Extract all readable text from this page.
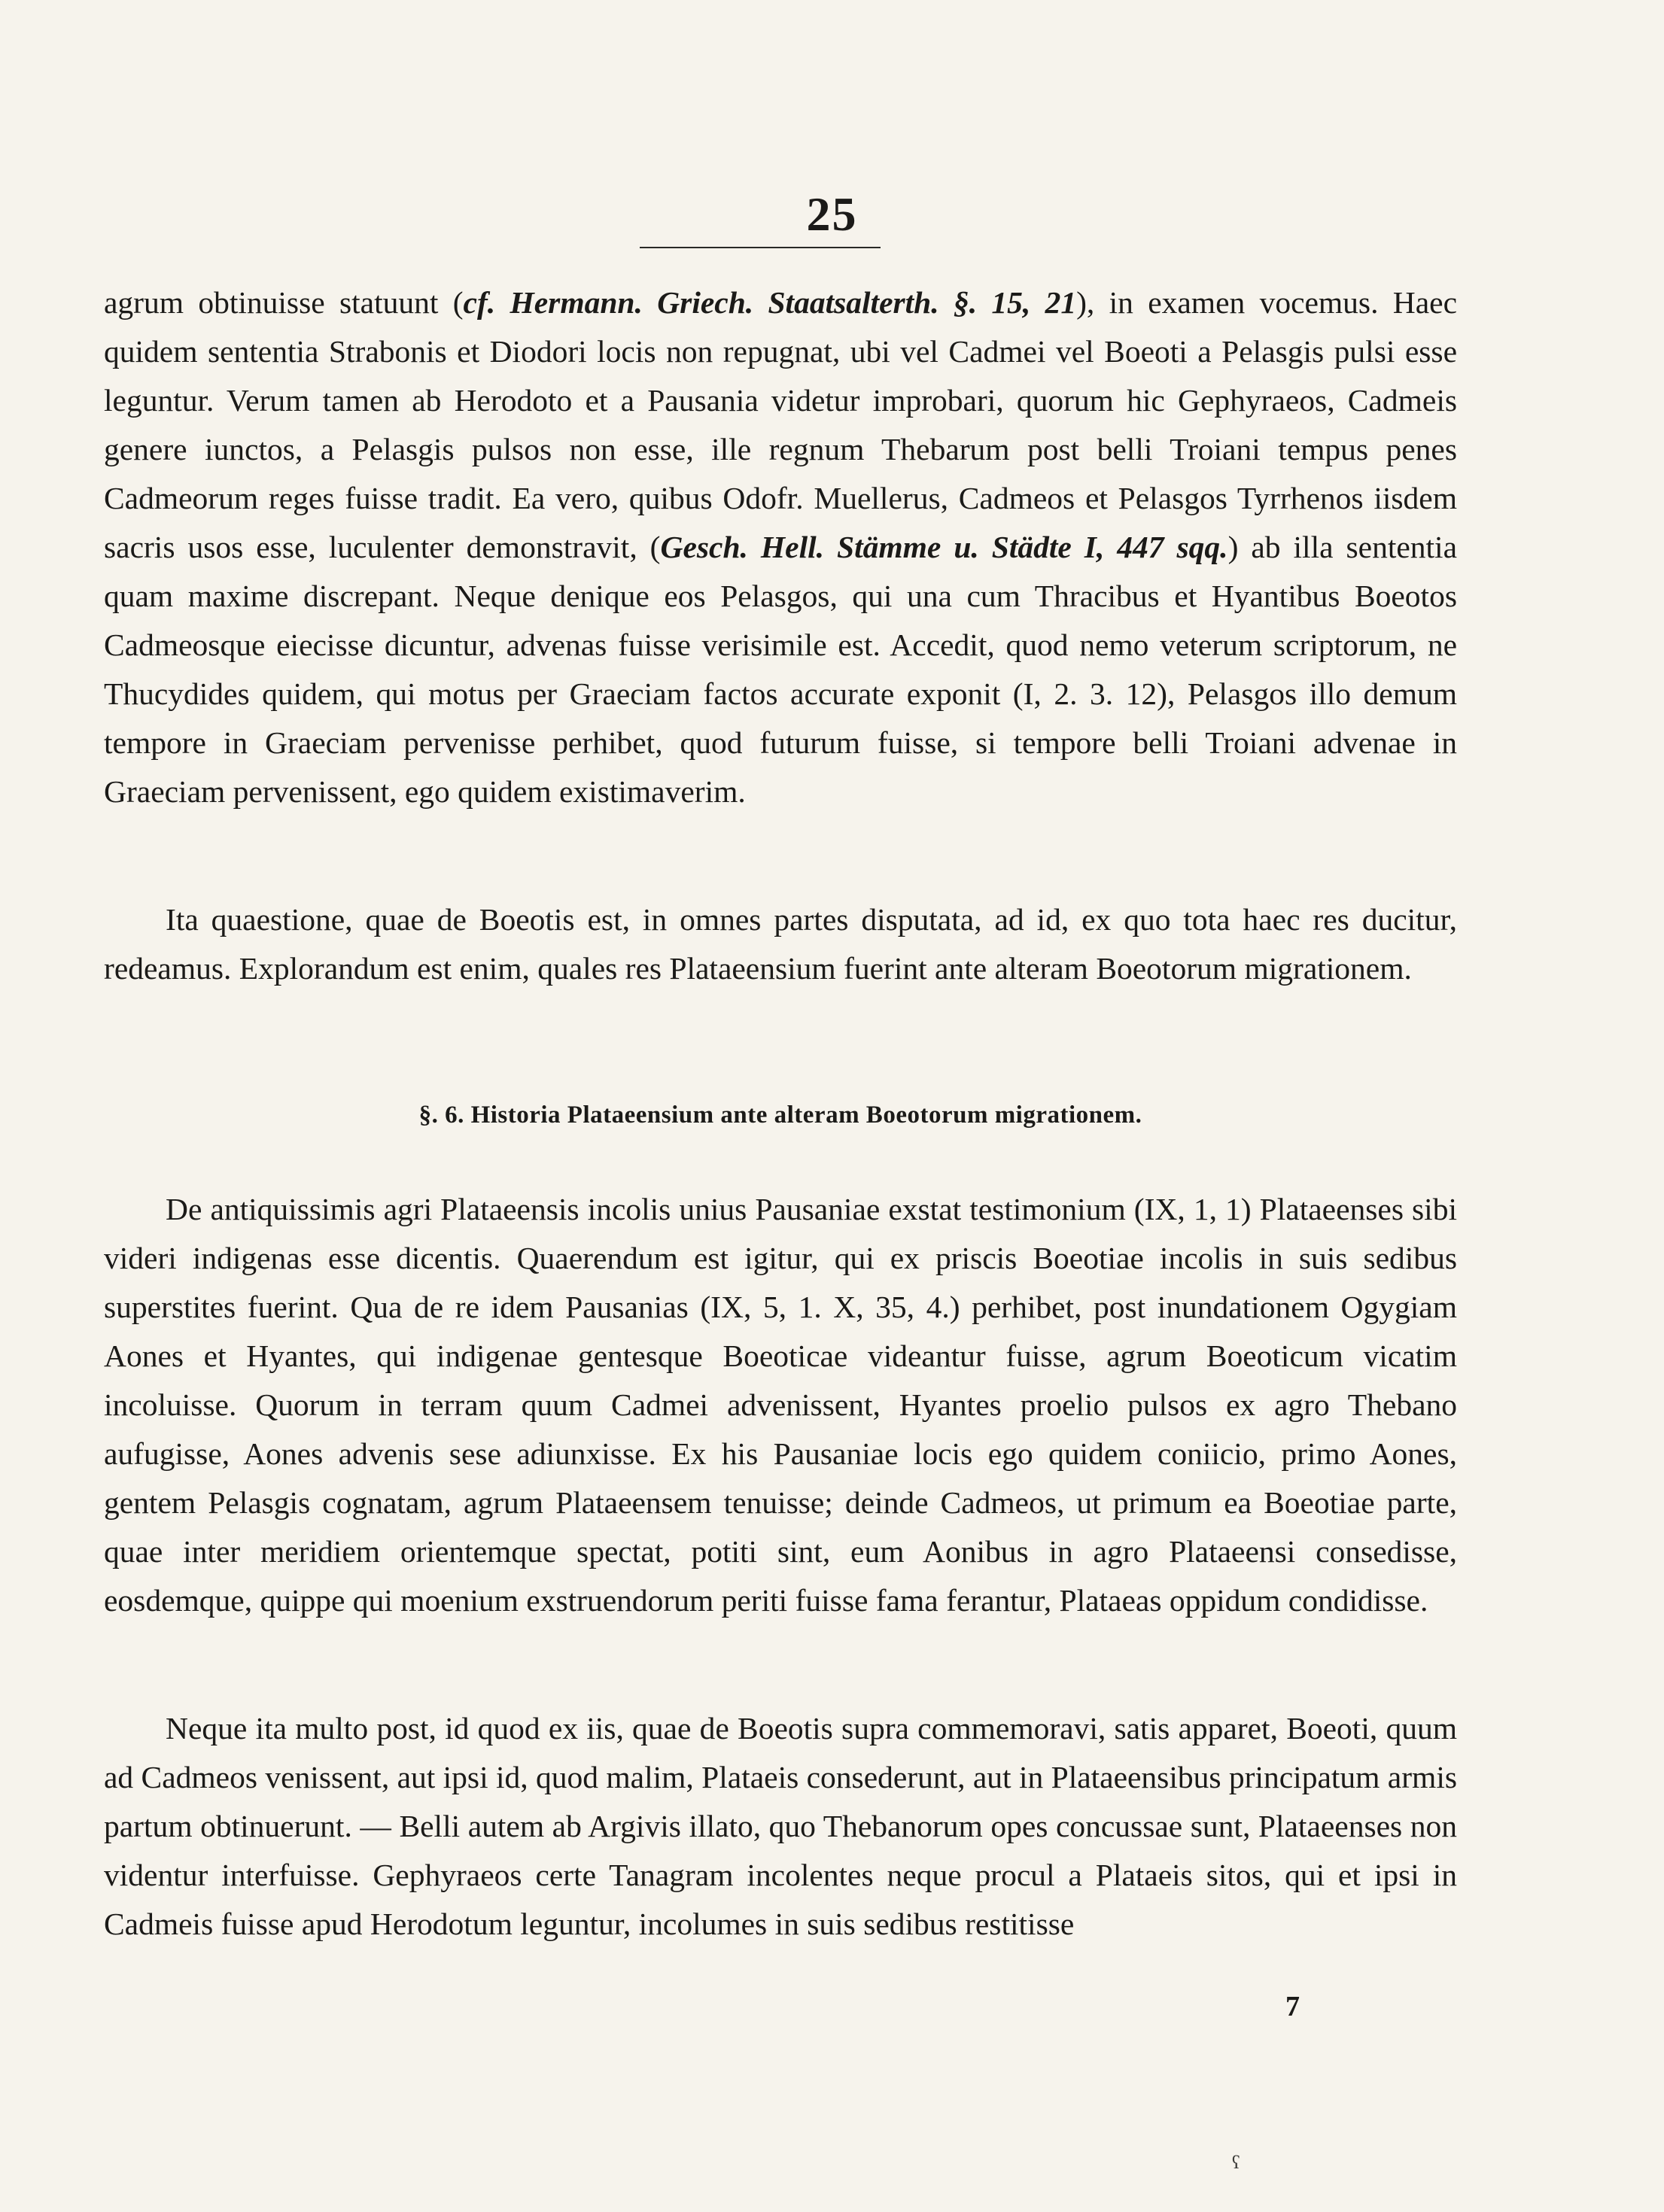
25

agrum obtinuisse statuunt (cf. Hermann. Griech. Staatsalterth. §. 15, 21), in examen vocemus. Haec quidem sententia Strabonis et Diodori locis non repugnat, ubi vel Cadmei vel Boeoti a Pelasgis pulsi esse leguntur. Verum tamen ab Herodoto et a Pausania videtur improbari, quorum hic Gephyraeos, Cadmeis genere iunctos, a Pelasgis pulsos non esse, ille regnum Thebarum post belli Troiani tempus penes Cadmeorum reges fuisse tradit. Ea vero, quibus Odofr. Muellerus, Cadmeos et Pelasgos Tyrrhenos iisdem sacris usos esse, luculenter demonstravit, (Gesch. Hell. Stämme u. Städte I, 447 sqq.) ab illa sententia quam maxime discrepant. Neque denique eos Pelasgos, qui una cum Thracibus et Hyantibus Boeotos Cadmeosque eiecisse dicuntur, advenas fuisse verisimile est. Accedit, quod nemo veterum scriptorum, ne Thucydides quidem, qui motus per Graeciam factos accurate exponit (I, 2. 3. 12), Pelasgos illo demum tempore in Graeciam pervenisse perhibet, quod futurum fuisse, si tempore belli Troiani advenae in Graeciam pervenissent, ego quidem existimaverim.

Ita quaestione, quae de Boeotis est, in omnes partes disputata, ad id, ex quo tota haec res ducitur, redeamus. Explorandum est enim, quales res Plataeensium fuerint ante alteram Boeotorum migrationem.

§. 6. Historia Plataeensium ante alteram Boeotorum migrationem.

De antiquissimis agri Plataeensis incolis unius Pausaniae exstat testimonium (IX, 1, 1) Plataeenses sibi videri indigenas esse dicentis. Quaerendum est igitur, qui ex priscis Boeotiae incolis in suis sedibus superstites fuerint. Qua de re idem Pausanias (IX, 5, 1. X, 35, 4.) perhibet, post inundationem Ogygiam Aones et Hyantes, qui indigenae gentesque Boeoticae videantur fuisse, agrum Boeoticum vicatim incoluisse. Quorum in terram quum Cadmei advenissent, Hyantes proelio pulsos ex agro Thebano aufugisse, Aones advenis sese adiunxisse. Ex his Pausaniae locis ego quidem coniicio, primo Aones, gentem Pelasgis cognatam, agrum Plataeensem tenuisse; deinde Cadmeos, ut primum ea Boeotiae parte, quae inter meridiem orientemque spectat, potiti sint, eum Aonibus in agro Plataeensi consedisse, eosdemque, quippe qui moenium exstruendorum periti fuisse fama ferantur, Plataeas oppidum condidisse.

Neque ita multo post, id quod ex iis, quae de Boeotis supra commemoravi, satis apparet, Boeoti, quum ad Cadmeos venissent, aut ipsi id, quod malim, Plataeis consederunt, aut in Plataeensibus principatum armis partum obtinuerunt. — Belli autem ab Argivis illato, quo Thebanorum opes concussae sunt, Plataeenses non videntur interfuisse. Gephyraeos certe Tanagram incolentes neque procul a Plataeis sitos, qui et ipsi in Cadmeis fuisse apud Herodotum leguntur, incolumes in suis sedibus restitisse

7
ʕ
